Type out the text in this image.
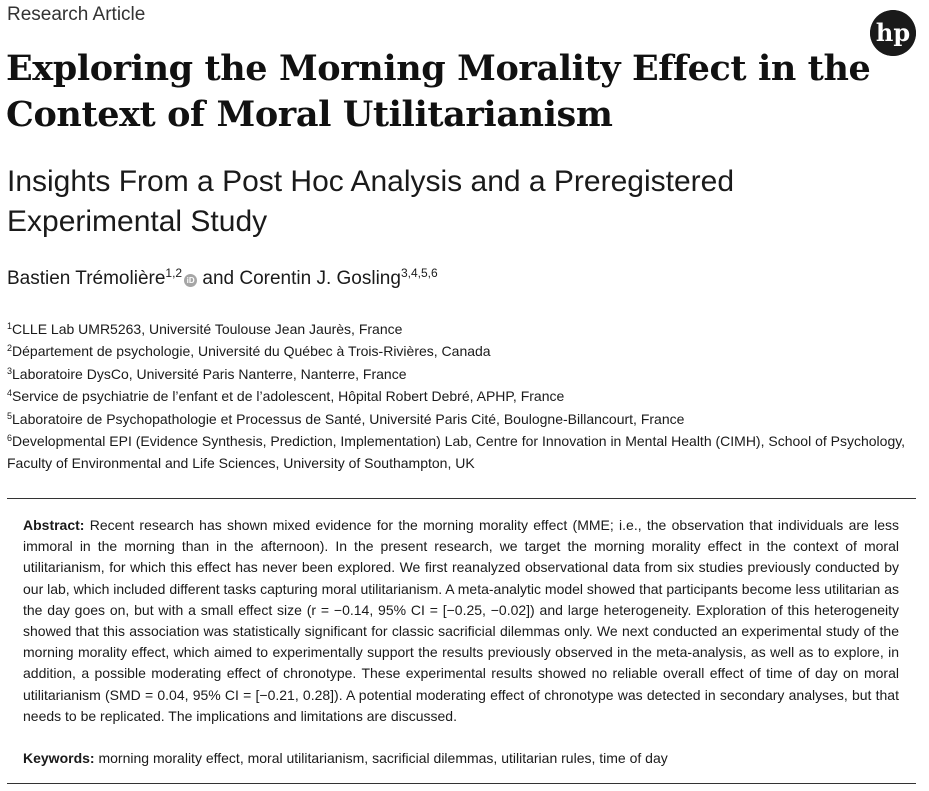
Research Article
hp
Exploring the Morning Morality Effect in the Context of Moral Utilitarianism
Insights From a Post Hoc Analysis and a Preregistered Experimental Study
Bastien Trémolière$^{1,2}$iD and Corentin J. Gosling$^{3,4,5,6}$

$^1$CLLE Lab UMR5263, Université Toulouse Jean Jaurès, France

$^2$Département de psychologie, Université du Québec à Trois-Rivières, Canada

$^3$Laboratoire DysCo, Université Paris Nanterre, Nanterre, France

$^4$Service de psychiatrie de l’enfant et de l’adolescent, Hôpital Robert Debré, APHP, France

$^5$Laboratoire de Psychopathologie et Processus de Santé, Université Paris Cité, Boulogne-Billancourt, France

$^6$Developmental EPI (Evidence Synthesis, Prediction, Implementation) Lab, Centre for Innovation in Mental Health (CIMH), School of Psychology, Faculty of Environmental and Life Sciences, University of Southampton, UK

Abstract: Recent research has shown mixed evidence for the morning morality effect (MME; i.e., the observation that individuals are less immoral in the morning than in the afternoon). In the present research, we target the morning morality effect in the context of moral utilitarianism, for which this effect has never been explored. We first reanalyzed observational data from six studies previously conducted by our lab, which included different tasks capturing moral utilitarianism. A meta-analytic model showed that participants become less utilitarian as the day goes on, but with a small effect size (r = −0.14, 95% CI = [−0.25, −0.02]) and large heterogeneity. Exploration of this heterogeneity showed that this association was statistically significant for classic sacrificial dilemmas only. We next conducted an experimental study of the morning morality effect, which aimed to experimentally support the results previously observed in the meta-analysis, as well as to explore, in addition, a possible moderating effect of chronotype. These experimental results showed no reliable overall effect of time of day on moral utilitarianism (SMD = 0.04, 95% CI = [−0.21, 0.28]). A potential moderating effect of chronotype was detected in secondary analyses, but that needs to be replicated. The implications and limitations are discussed.

Keywords: morning morality effect, moral utilitarianism, sacrificial dilemmas, utilitarian rules, time of day
